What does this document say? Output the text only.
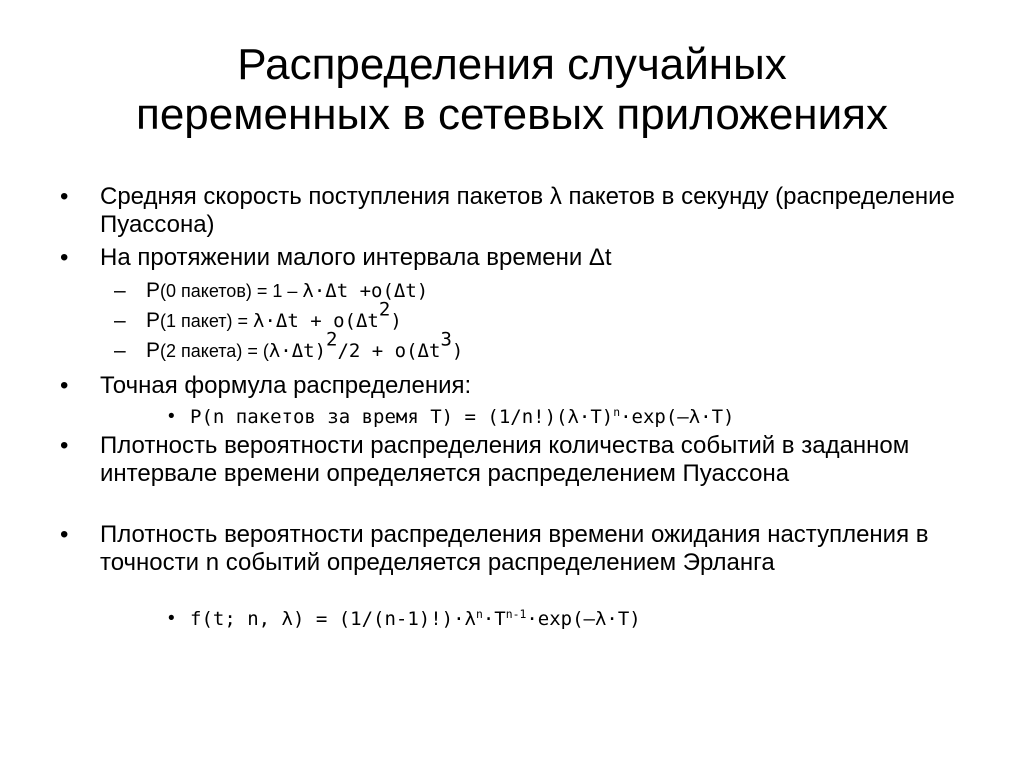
Распределения случайных
переменных в сетевых приложениях
• Средняя скорость поступления пакетов λ пакетов в секунду (распределение Пуассона)
• На протяжении малого интервала времени Δt
– P(0 пакетов) = 1 – λ·Δt +o(Δt)
– P(1 пакет) = $\lambda\cdot\Delta t + o(\Delta t^2)$
– P(2 пакета) = $(\lambda\cdot\Delta t)^2/2 + o(\Delta t^3)$
• Точная формула распределения:
• P(n пакетов за время $T) = (1/n!)(\lambda\cdot T)^n\cdot\exp(-\lambda\cdot T)$
• Плотность вероятности распределения количества событий в заданном интервале времени определяется распределением Пуассона
• Плотность вероятности распределения времени ожидания наступления в точности n событий определяется распределением Эрланга
• f(t; n, $\lambda) = (1/(n-1)!)\cdot\lambda^n\cdot T^{n-1}\cdot\exp(-\lambda\cdot T)$
